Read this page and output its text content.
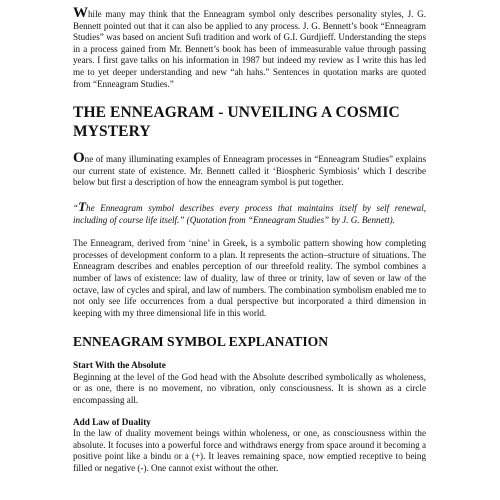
While many may think that the Enneagram symbol only describes personality styles, J. G. Bennett pointed out that it can also be applied to any process. J. G. Bennett’s book “Enneagram Studies” was based on ancient Sufi tradition and work of G.I. Gurdjieff. Understanding the steps in a process gained from Mr. Bennett’s book has been of immeasurable value through passing years. I first gave talks on his information in 1987 but indeed my review as I write this has led me to yet deeper understanding and new “ah hahs.” Sentences in quotation marks are quoted from “Enneagram Studies.”

THE ENNEAGRAM - UNVEILING A COSMIC MYSTERY

One of many illuminating examples of Enneagram processes in “Enneagram Studies” explains our current state of existence. Mr. Bennett called it ‘Biospheric Symbiosis’ which I describe below but first a description of how the enneagram symbol is put together.

“The Enneagram symbol describes every process that maintains itself by self renewal, including of course life itself.” (Quotation from “Enneagram Studies” by J. G. Bennett).

The Enneagram, derived from ‘nine’ in Greek, is a symbolic pattern showing how completing processes of development conform to a plan. It represents the action–structure of situations. The Enneagram describes and enables perception of our threefold reality. The symbol combines a number of laws of existence: law of duality, law of three or trinity, law of seven or law of the octave, law of cycles and spiral, and law of numbers. The combination symbolism enabled me to not only see life occurrences from a dual perspective but incorporated a third dimension in keeping with my three dimensional life in this world.

ENNEAGRAM SYMBOL EXPLANATION
Start With the Absolute

Beginning at the level of the God head with the Absolute described symbolically as wholeness, or as one, there is no movement, no vibration, only consciousness. It is shown as a circle encompassing all.

Add Law of Duality

In the law of duality movement beings within wholeness, or one, as consciousness within the absolute. It focuses into a powerful force and withdraws energy from space around it becoming a positive point like a bindu or a (+). It leaves remaining space, now emptied receptive to being filled or negative (-). One cannot exist without the other.
